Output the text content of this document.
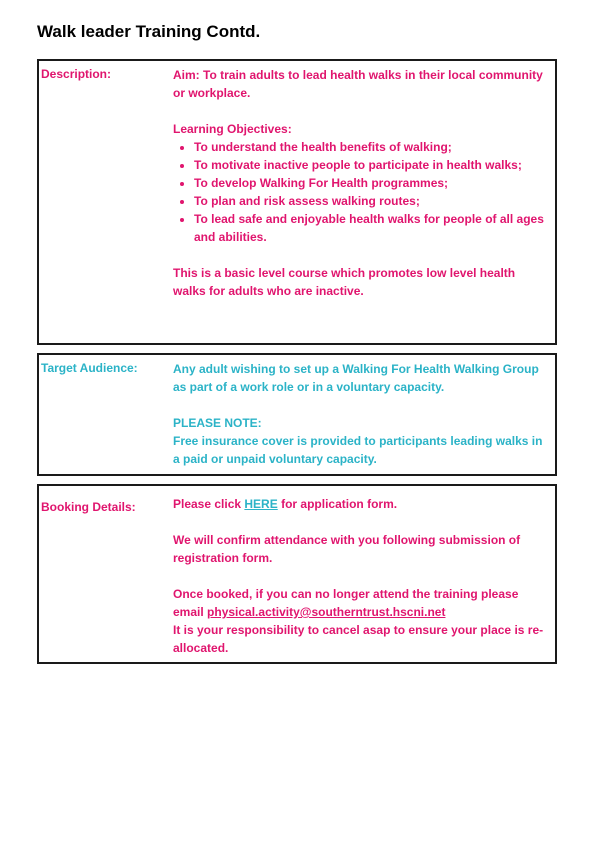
Walk leader Training Contd.
Description:	Aim: To train adults to lead health walks in their local community or workplace.

Learning Objectives:

• To understand the health benefits of walking;
• To motivate inactive people to participate in health walks;
• To develop Walking For Health programmes;
• To plan and risk assess walking routes;
• To lead safe and enjoyable health walks for people of all ages and abilities.

This is a basic level course which promotes low level health walks for adults who are inactive.

Target Audience:	Any adult wishing to set up a Walking For Health Walking Group as part of a work role or in a voluntary capacity.

PLEASE NOTE:

Free insurance cover is provided to participants leading walks in a paid or unpaid voluntary capacity.

Booking Details:	Please click HERE for application form.

We will confirm attendance with you following submission of registration form.

Once booked, if you can no longer attend the training please email physical.activity@southerntrust.hscni.net

It is your responsibility to cancel asap to ensure your place is re-allocated.
